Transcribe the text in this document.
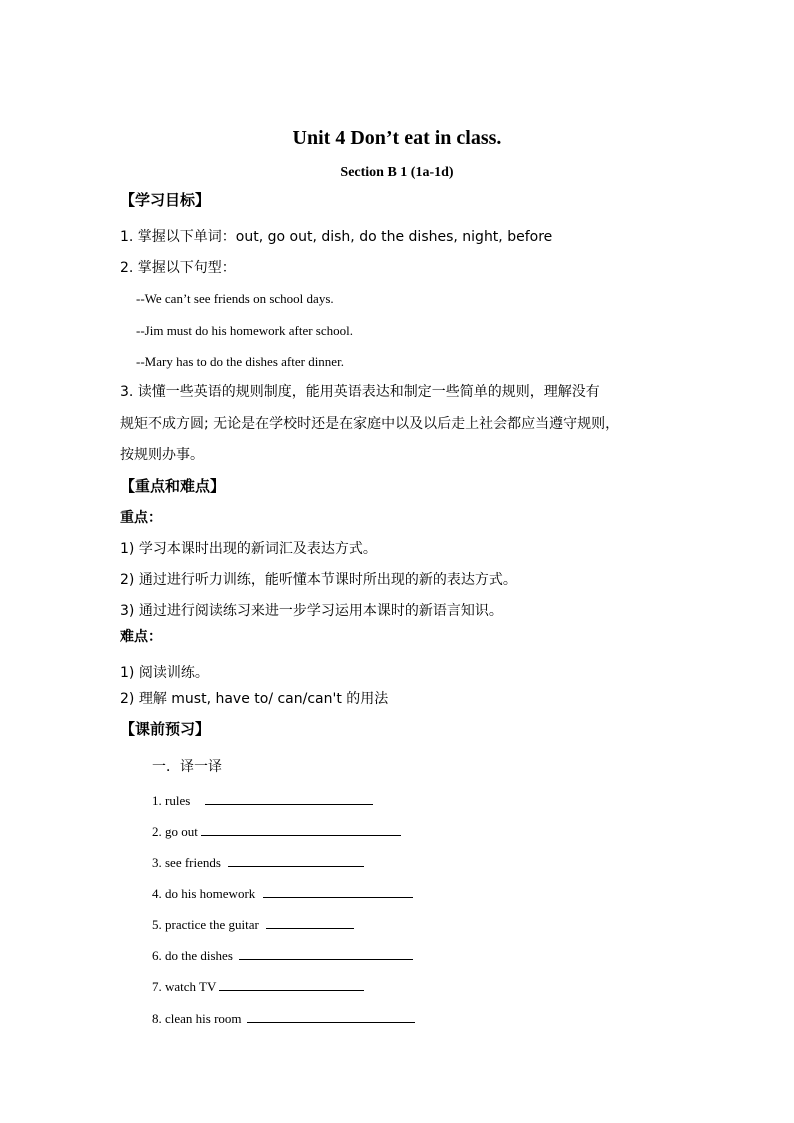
Unit 4 Don’t eat in class.
Section B 1 (1a-1d)
【学习目标】
1. 掌握以下单词：out, go out, dish, do the dishes, night, before
2. 掌握以下句型：
--We can’t see friends on school days.
--Jim must do his homework after school.
--Mary has to do the dishes after dinner.
3. 读懂一些英语的规则制度，能用英语表达和制定一些简单的规则，理解没有
规矩不成方圆; 无论是在学校时还是在家庭中以及以后走上社会都应当遵守规则，
按规则办事。
【重点和难点】
重点：
1) 学习本课时出现的新词汇及表达方式。
2) 通过进行听力训练，能听懂本节课时所出现的新的表达方式。
3) 通过进行阅读练习来进一步学习运用本课时的新语言知识。
难点：
1) 阅读训练。
2) 理解 must, have to/ can/can't 的用法
【课前预习】
一．译一译
1. rules
2. go out
3. see friends
4. do his homework
5. practice the guitar
6. do the dishes
7. watch TV
8. clean his room
